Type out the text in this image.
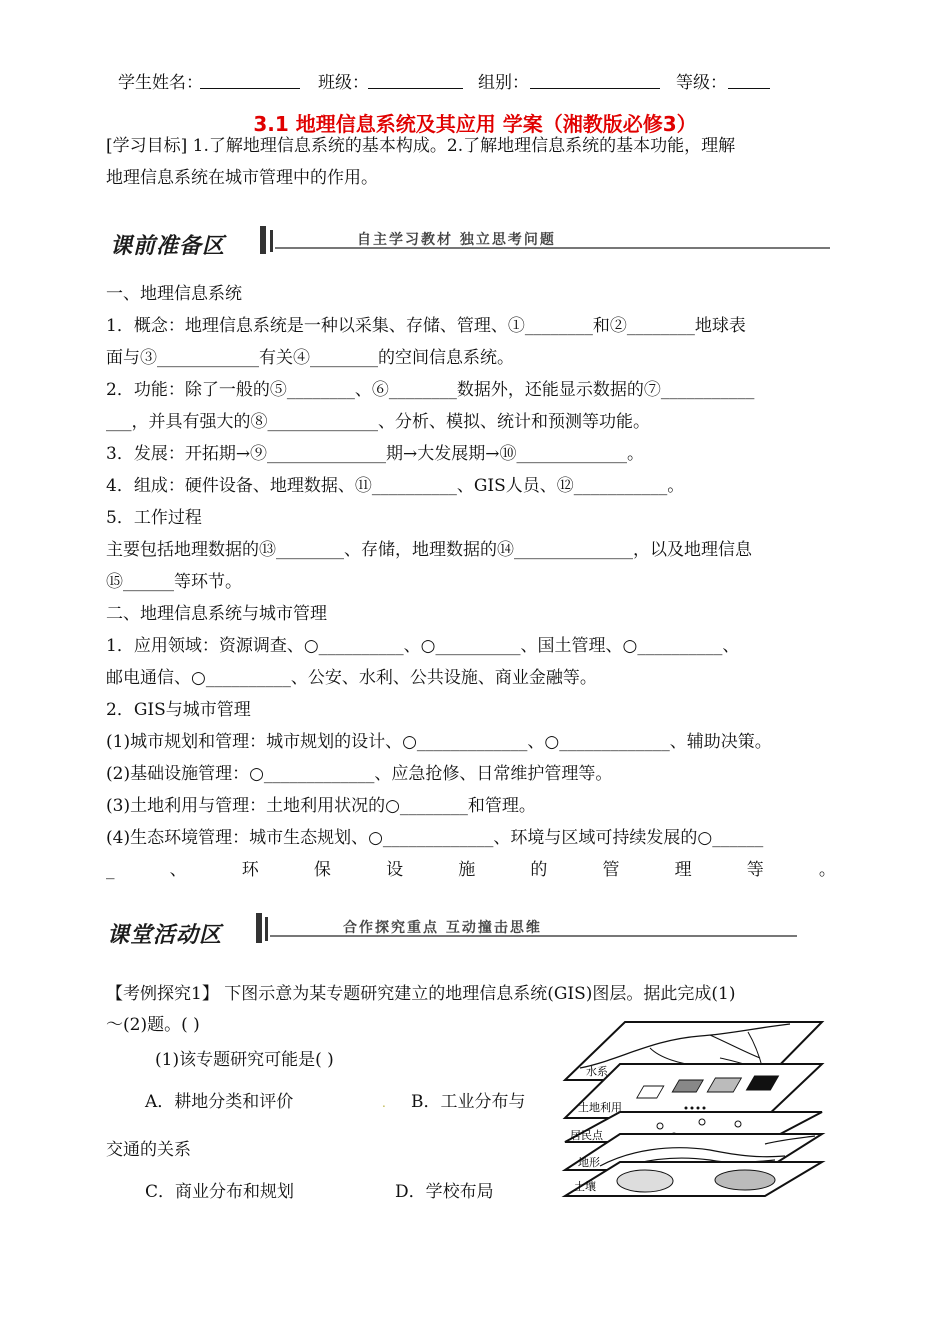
学生姓名：	班级：	组别：	等级：
3.1 地理信息系统及其应用 学案（湘教版必修3）
[学习目标] 1.了解地理信息系统的基本构成。2.了解地理信息系统的基本功能，理解
地理信息系统在城市管理中的作用。
课前准备区	自主学习教材 独立思考问题
一、地理信息系统
1．概念：地理信息系统是一种以采集、存储、管理、①________和②________地球表
面与③____________有关④________的空间信息系统。
2．功能：除了一般的⑤________、⑥________数据外，还能显示数据的⑦___________
___，并具有强大的⑧_____________、分析、模拟、统计和预测等功能。
3．发展：开拓期→⑨______________期→大发展期→⑩_____________。
4．组成：硬件设备、地理数据、⑪__________、GIS人员、⑫___________。
5．工作过程
主要包括地理数据的⑬________、存储，地理数据的⑭______________，以及地理信息
⑮______等环节。
二、地理信息系统与城市管理
1．应用领域：资源调查、○__________、○__________、国土管理、○__________、
邮电通信、○__________、公安、水利、公共设施、商业金融等。
2．GIS与城市管理
(1)城市规划和管理：城市规划的设计、○_____________、○_____________、辅助决策。
(2)基础设施管理：○_____________、应急抢修、日常维护管理等。
(3)土地利用与管理：土地利用状况的○________和管理。
(4)生态环境管理：城市生态规划、○_____________、环境与区域可持续发展的○______
_	、	环	保	设	施	的	管	理	等	。
课堂活动区	合作探究重点 互动撞击思维
【考例探究1】 下图示意为某专题研究建立的地理信息系统(GIS)图层。据此完成(1)
～(2)题。( )
(1)该专题研究可能是( )
A．耕地分类和评价	. B．工业分布与
交通的关系
C．商业分布和规划	D．学校布局
水系
土地利用
居民点
地形
土壤
